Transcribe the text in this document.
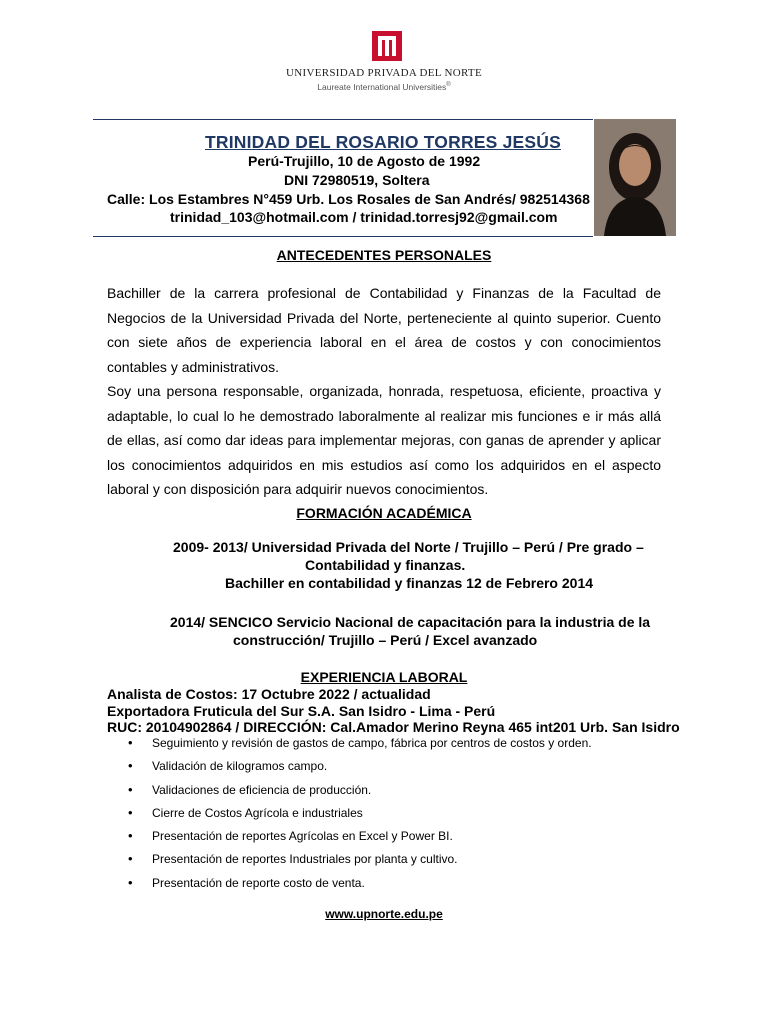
UNIVERSIDAD PRIVADA DEL NORTE
Laureate International Universities®
TRINIDAD DEL ROSARIO TORRES JESÚS
Perú-Trujillo, 10 de Agosto de 1992
DNI 72980519, Soltera
Calle: Los Estambres N°459 Urb. Los Rosales de San Andrés/ 982514368
trinidad_103@hotmail.com / trinidad.torresj92@gmail.com
ANTECEDENTES PERSONALES

Bachiller de la carrera profesional de Contabilidad y Finanzas de la Facultad de Negocios de la Universidad Privada del Norte, perteneciente al quinto superior. Cuento con siete años de experiencia laboral en el área de costos y con conocimientos contables y administrativos.

Soy una persona responsable, organizada, honrada, respetuosa, eficiente, proactiva y adaptable, lo cual lo he demostrado laboralmente al realizar mis funciones e ir más allá de ellas, así como dar ideas para implementar mejoras, con ganas de aprender y aplicar los conocimientos adquiridos en mis estudios así como los adquiridos en el aspecto laboral y con disposición para adquirir nuevos conocimientos.

FORMACIÓN ACADÉMICA
2009- 2013/ Universidad Privada del Norte / Trujillo – Perú / Pre grado –
Contabilidad y finanzas.
Bachiller en contabilidad y finanzas 12 de Febrero 2014
2014/ SENCICO Servicio Nacional de capacitación para la industria de la
construcción/ Trujillo – Perú / Excel avanzado
EXPERIENCIA LABORAL
Analista de Costos: 17 Octubre 2022 / actualidad
Exportadora Fruticula del Sur S.A. San Isidro - Lima - Perú
RUC: 20104902864 / DIRECCIÓN: Cal.Amador Merino Reyna 465 int201 Urb. San Isidro
• Seguimiento y revisión de gastos de campo, fábrica por centros de costos y orden.
• Validación de kilogramos campo.
• Validaciones de eficiencia de producción.
• Cierre de Costos Agrícola e industriales
• Presentación de reportes Agrícolas en Excel y Power BI.
• Presentación de reportes Industriales por planta y cultivo.
• Presentación de reporte costo de venta.
www.upnorte.edu.pe
